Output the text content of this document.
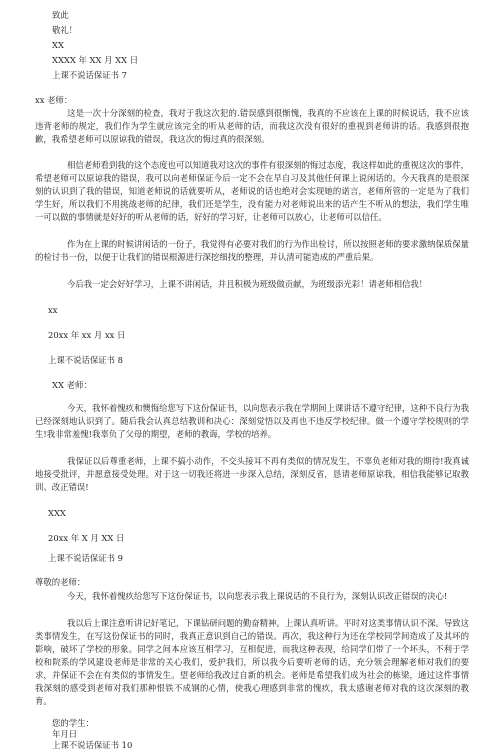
致此
敬礼！
XX
XXXX 年 XX 月 XX 日
上课不说话保证书 7
xx 老师：
这是一次十分深刻的检查，我对于我这次犯的.错误感到很惭愧，我真的不应该在上课的时候说话，我不应该违背老师的规定，我们作为学生就应该完全的听从老师的话，而我这次没有很好的重视到老师讲的话。我感到很抱歉，我希望老师可以原谅我的错误，我这次的悔过真的很深刻。
相信老师看到我的这个态度也可以知道我对这次的事件有很深刻的悔过态度，我这样如此的重视这次的事件，希望老师可以原谅我的错误，我可以向老师保证今后一定不会在早自习及其他任何课上说闲话的。今天我真的是很深刻的认识到了我的错误，知道老师说的话就要听从，老师说的话也绝对会实现她的诺言，老师所管的一定是为了我们学生好，所以我们不用挑战老师的纪律，我们还是学生，没有能力对老师说出来的话产生不听从的想法，我们学生唯一可以做的事情就是好好的听从老师的话，好好的学习好，让老师可以放心，让老师可以信任。
作为在上课的时候讲闲话的一份子，我觉得有必要对我们的行为作出检讨，所以按照老师的要求激纳保质保量的检讨书一份，以便于让我们的错误根源进行深挖细找的整理，并认清可能造成的严重后果。
今后我一定会好好学习，上课不讲闲话，并且积极为班级做贡献，为班级添光彩！请老师相信我！
xx
20xx 年 xx 月 xx 日
上课不说话保证书 8
XX 老师：
今天，我怀着愧疚和懊悔给您写下这份保证书，以向您表示我在学期间上课讲话不遵守纪律，这种不良行为我已经深刻地认识到了。随后我会认真总结教训和决心：深刻觉悟以及再也不违反学校纪律。做一个遵守学校规则的学生!我非常羞愧!我辜负了父母的期望，老师的教诲，学校的培养。
我保证以后尊重老师，上课不搞小动作，不交头接耳不再有类似的情况发生，不辜负老师对我的期待!我真诚地接受批评，并愿意接受处理。对于这一切我还将进一步深入总结，深刻反省，恳请老师原谅我，相信我能够记取教训、改正错误!
XXX
20xx 年 X 月 XX 日
上课不说话保证书 9
尊敬的老师：
今天，我怀着愧疚给您写下这份保证书，以向您表示我上课说话的不良行为，深刻认识改正错误的决心!
我以后上课注意听讲记好笔记，下课钻研问题的勤奋精神。上课认真听讲。平时对这类事情认识不深。导致这类事情发生，在写这份保证书的同时，我真正意识到自己的错误。再次，我这种行为还在学校同学间造成了及其坏的影响，破坏了学校的形象。同学之间本应该互相学习，互相促进，而我这种表现，给同学们带了一个坏头，不利于学校和院系的学风建设老师是非常的关心我们，爱护我们，所以我今后要听老师的话，充分领会理解老师对我们的要求，并保证不会在有类似的事情发生。望老师给我改过自新的机会。老师是希望我们成为社会的栋梁，通过这件事情我深刻的感受到老师对我们那种恨铁不成钢的心情，使我心理感到非常的愧疚，我太感谢老师对我的这次深刻的教育。
您的学生：
年月日
上课不说话保证书 10
